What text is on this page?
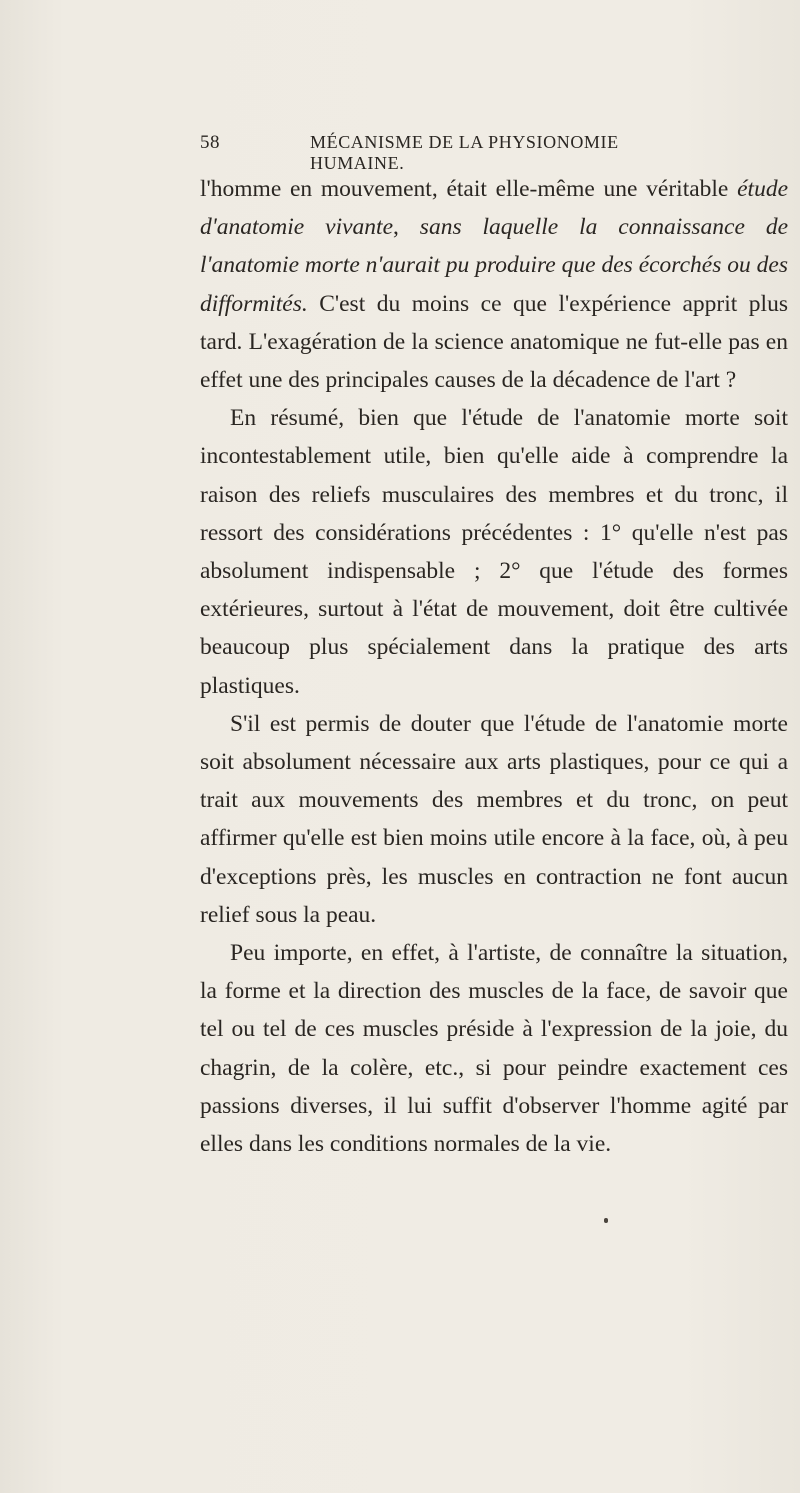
58	MÉCANISME DE LA PHYSIONOMIE HUMAINE.

l'homme en mouvement, était elle-même une véritable étude d'anatomie vivante, sans laquelle la connaissance de l'anatomie morte n'aurait pu produire que des écorchés ou des difformités. C'est du moins ce que l'expérience apprit plus tard. L'exagération de la science anatomique ne fut-elle pas en effet une des principales causes de la décadence de l'art ?

En résumé, bien que l'étude de l'anatomie morte soit incontestablement utile, bien qu'elle aide à comprendre la raison des reliefs musculaires des membres et du tronc, il ressort des considérations précédentes : 1° qu'elle n'est pas absolument indispensable ; 2° que l'étude des formes extérieures, surtout à l'état de mouvement, doit être cultivée beaucoup plus spécialement dans la pratique des arts plastiques.

S'il est permis de douter que l'étude de l'anatomie morte soit absolument nécessaire aux arts plastiques, pour ce qui a trait aux mouvements des membres et du tronc, on peut affirmer qu'elle est bien moins utile encore à la face, où, à peu d'exceptions près, les muscles en contraction ne font aucun relief sous la peau.

Peu importe, en effet, à l'artiste, de connaître la situation, la forme et la direction des muscles de la face, de savoir que tel ou tel de ces muscles préside à l'expression de la joie, du chagrin, de la colère, etc., si pour peindre exactement ces passions diverses, il lui suffit d'observer l'homme agité par elles dans les conditions normales de la vie.
